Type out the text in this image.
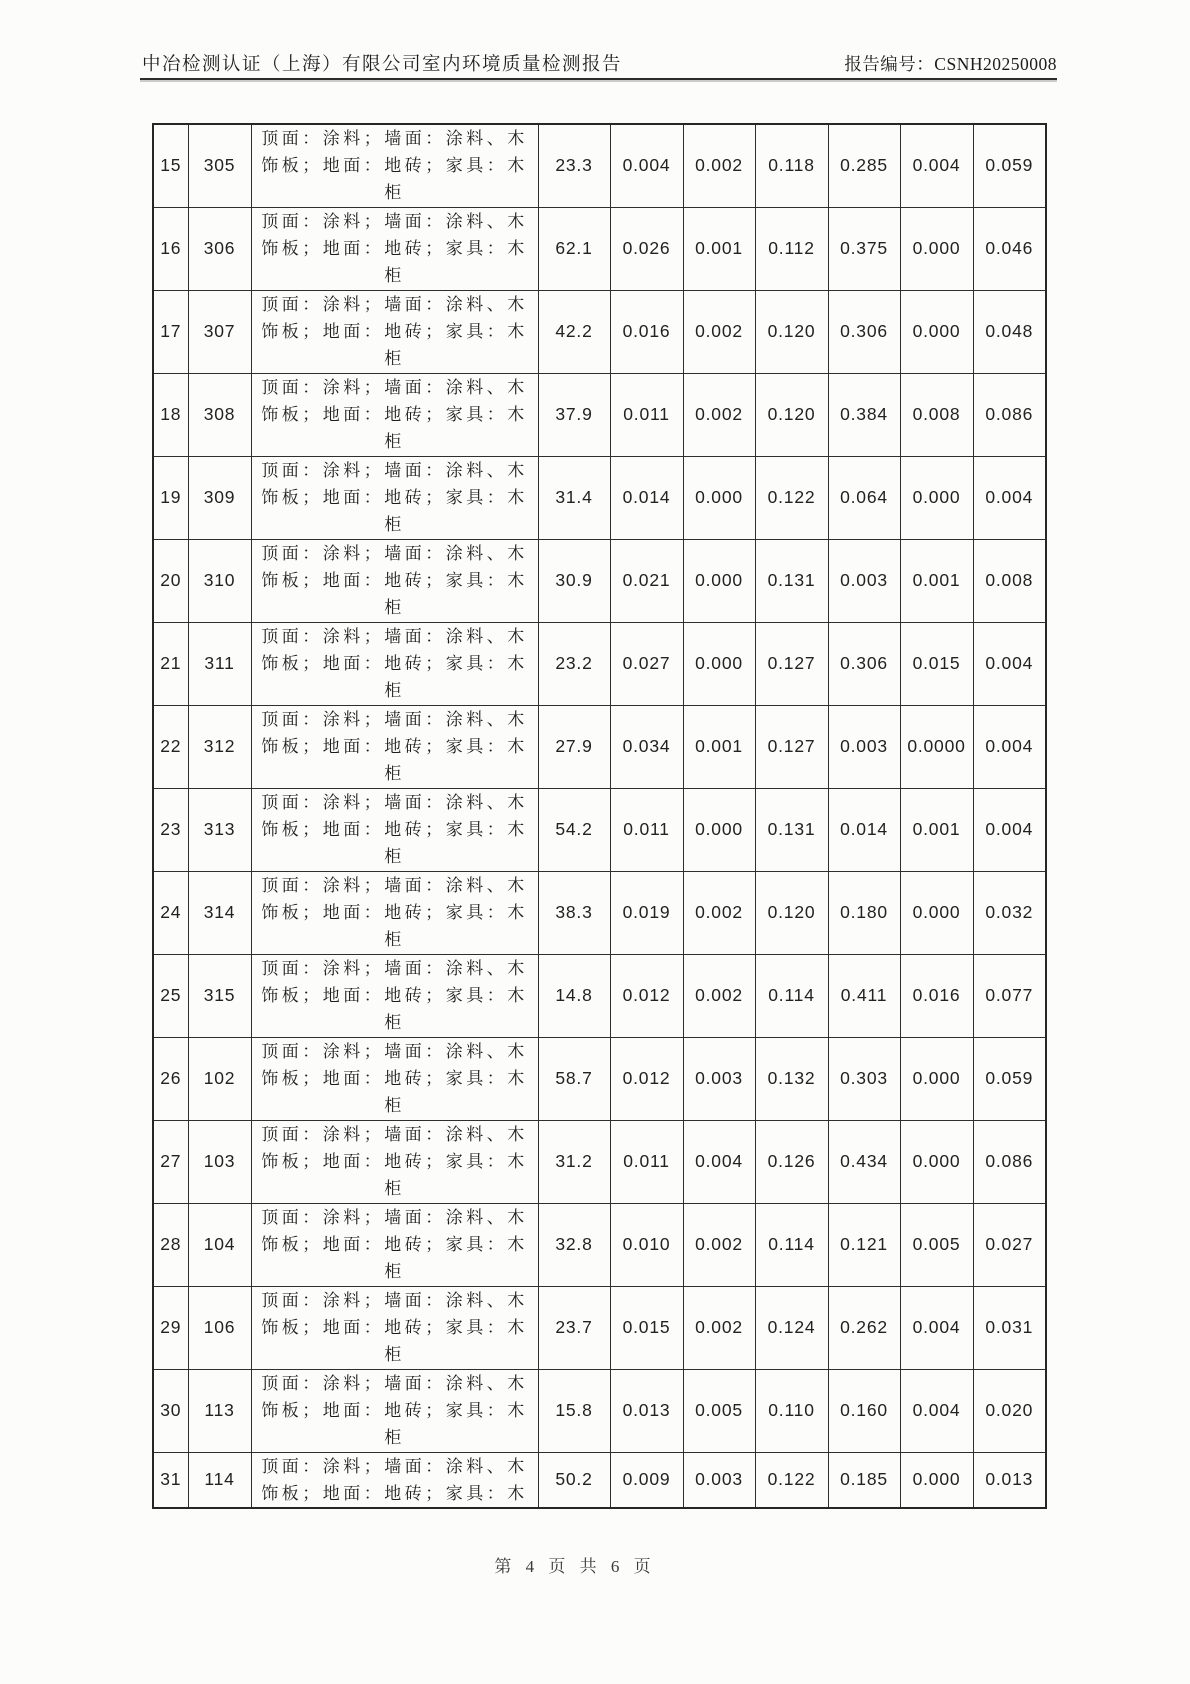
中冶检测认证（上海）有限公司室内环境质量检测报告	报告编号：CSNH20250008
15	305	顶面：涂料；墙面：涂料、木
饰板；地面：地砖；家具：木
柜	23.3	0.004	0.002	0.118	0.285	0.004	0.059
16	306	顶面：涂料；墙面：涂料、木
饰板；地面：地砖；家具：木
柜	62.1	0.026	0.001	0.112	0.375	0.000	0.046
17	307	顶面：涂料；墙面：涂料、木
饰板；地面：地砖；家具：木
柜	42.2	0.016	0.002	0.120	0.306	0.000	0.048
18	308	顶面：涂料；墙面：涂料、木
饰板；地面：地砖；家具：木
柜	37.9	0.011	0.002	0.120	0.384	0.008	0.086
19	309	顶面：涂料；墙面：涂料、木
饰板；地面：地砖；家具：木
柜	31.4	0.014	0.000	0.122	0.064	0.000	0.004
20	310	顶面：涂料；墙面：涂料、木
饰板；地面：地砖；家具：木
柜	30.9	0.021	0.000	0.131	0.003	0.001	0.008
21	311	顶面：涂料；墙面：涂料、木
饰板；地面：地砖；家具：木
柜	23.2	0.027	0.000	0.127	0.306	0.015	0.004
22	312	顶面：涂料；墙面：涂料、木
饰板；地面：地砖；家具：木
柜	27.9	0.034	0.001	0.127	0.003	0.0000	0.004
23	313	顶面：涂料；墙面：涂料、木
饰板；地面：地砖；家具：木
柜	54.2	0.011	0.000	0.131	0.014	0.001	0.004
24	314	顶面：涂料；墙面：涂料、木
饰板；地面：地砖；家具：木
柜	38.3	0.019	0.002	0.120	0.180	0.000	0.032
25	315	顶面：涂料；墙面：涂料、木
饰板；地面：地砖；家具：木
柜	14.8	0.012	0.002	0.114	0.411	0.016	0.077
26	102	顶面：涂料；墙面：涂料、木
饰板；地面：地砖；家具：木
柜	58.7	0.012	0.003	0.132	0.303	0.000	0.059
27	103	顶面：涂料；墙面：涂料、木
饰板；地面：地砖；家具：木
柜	31.2	0.011	0.004	0.126	0.434	0.000	0.086
28	104	顶面：涂料；墙面：涂料、木
饰板；地面：地砖；家具：木
柜	32.8	0.010	0.002	0.114	0.121	0.005	0.027
29	106	顶面：涂料；墙面：涂料、木
饰板；地面：地砖；家具：木
柜	23.7	0.015	0.002	0.124	0.262	0.004	0.031
30	113	顶面：涂料；墙面：涂料、木
饰板；地面：地砖；家具：木
柜	15.8	0.013	0.005	0.110	0.160	0.004	0.020
31	114	顶面：涂料；墙面：涂料、木
饰板；地面：地砖；家具：木	50.2	0.009	0.003	0.122	0.185	0.000	0.013
第 4 页 共 6 页
